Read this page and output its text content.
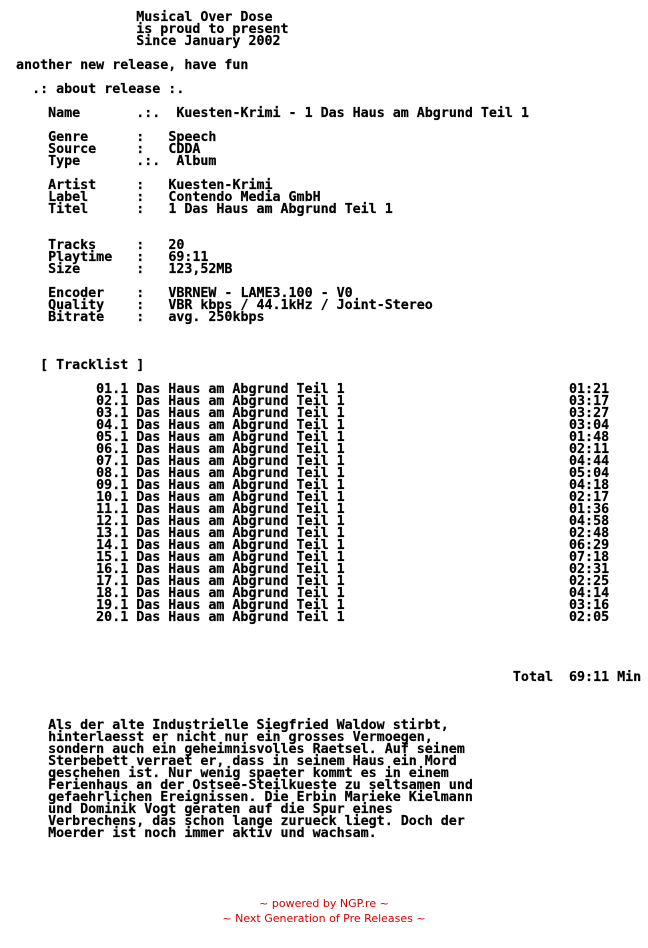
Musical Over Dose
is proud to present
Since January 2002

another new release, have fun

.: about release :.

Name	.:. Kuesten-Krimi - 1 Das Haus am Abgrund Teil 1

Genre	: Speech
Source	: CDDA
Type	.:. Album

Artist	: Kuesten-Krimi
Label	: Contendo Media GmbH
Titel	: 1 Das Haus am Abgrund Teil 1

Tracks	: 20
Playtime : 69:11
Size	: 123,52MB

Encoder : VBRNEW - LAME3.100 - V0
Quality : VBR kbps / 44.1kHz / Joint-Stereo
Bitrate : avg. 250kbps

[ Tracklist ]

01.1 Das Haus am Abgrund Teil 1	01:21
02.1 Das Haus am Abgrund Teil 1	03:17
03.1 Das Haus am Abgrund Teil 1	03:27
04.1 Das Haus am Abgrund Teil 1	03:04
05.1 Das Haus am Abgrund Teil 1	01:48
06.1 Das Haus am Abgrund Teil 1	02:11
07.1 Das Haus am Abgrund Teil 1	04:44
08.1 Das Haus am Abgrund Teil 1	05:04
09.1 Das Haus am Abgrund Teil 1	04:18
10.1 Das Haus am Abgrund Teil 1	02:17
11.1 Das Haus am Abgrund Teil 1	01:36
12.1 Das Haus am Abgrund Teil 1	04:58
13.1 Das Haus am Abgrund Teil 1	02:48
14.1 Das Haus am Abgrund Teil 1	06:29
15.1 Das Haus am Abgrund Teil 1	07:18
16.1 Das Haus am Abgrund Teil 1	02:31
17.1 Das Haus am Abgrund Teil 1	02:25
18.1 Das Haus am Abgrund Teil 1	04:14
19.1 Das Haus am Abgrund Teil 1	03:16
20.1 Das Haus am Abgrund Teil 1	02:05

Total 69:11 Min

Als der alte Industrielle Siegfried Waldow stirbt,
hinterlaesst er nicht nur ein grosses Vermoegen,
sondern auch ein geheimnisvolles Raetsel. Auf seinem
Sterbebett verraet er, dass in seinem Haus ein Mord
geschehen ist. Nur wenig spaeter kommt es in einem
Ferienhaus an der Ostsee-Steilkueste zu seltsamen und
gefaehrlichen Ereignissen. Die Erbin Marieke Kielmann
und Dominik Vogt geraten auf die Spur eines
Verbrechens, das schon lange zurueck liegt. Doch der
Moerder ist noch immer aktiv und wachsam.
~ powered by NGP.re ~
~ Next Generation of Pre Releases ~
